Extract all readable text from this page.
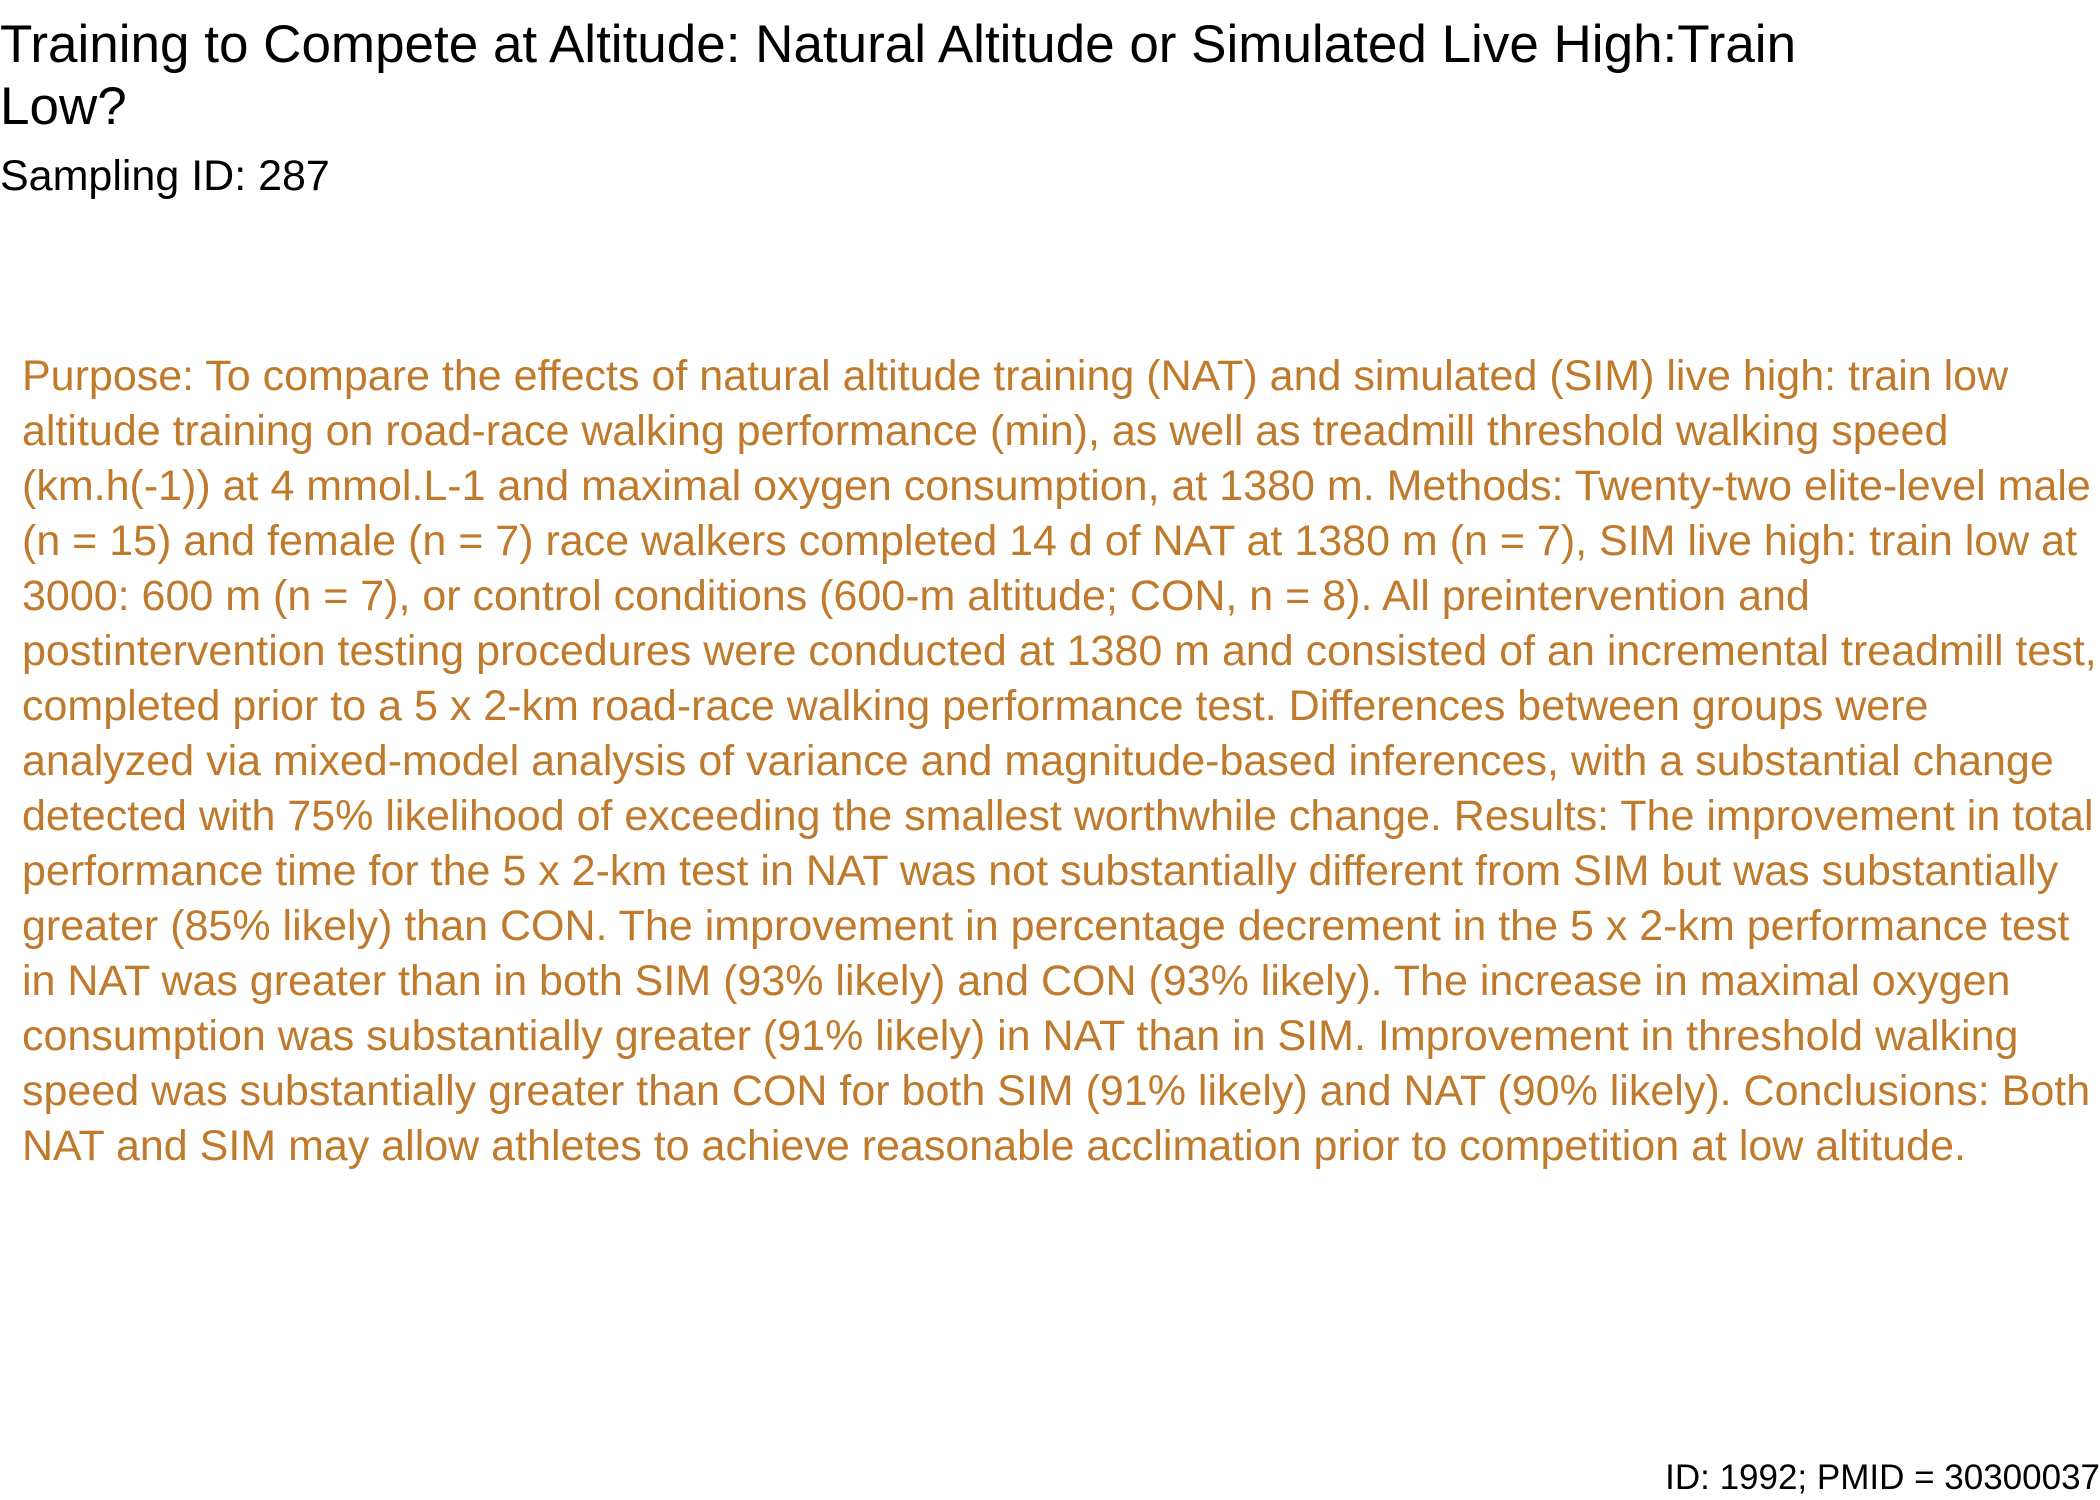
Training to Compete at Altitude: Natural Altitude or Simulated Live High:Train Low?
Sampling ID: 287

Purpose: To compare the effects of natural altitude training (NAT) and simulated (SIM) live high: train low altitude training on road-race walking performance (min), as well as treadmill threshold walking speed (km.h(-1)) at 4 mmol.L-1 and maximal oxygen consumption, at 1380 m. Methods: Twenty-two elite-level male (n = 15) and female (n = 7) race walkers completed 14 d of NAT at 1380 m (n = 7), SIM live high: train low at 3000: 600 m (n = 7), or control conditions (600-m altitude; CON, n = 8). All preintervention and postintervention testing procedures were conducted at 1380 m and consisted of an incremental treadmill test, completed prior to a 5 x 2-km road-race walking performance test. Differences between groups were analyzed via mixed-model analysis of variance and magnitude-based inferences, with a substantial change detected with 75% likelihood of exceeding the smallest worthwhile change. Results: The improvement in total performance time for the 5 x 2-km test in NAT was not substantially different from SIM but was substantially greater (85% likely) than CON. The improvement in percentage decrement in the 5 x 2-km performance test in NAT was greater than in both SIM (93% likely) and CON (93% likely). The increase in maximal oxygen consumption was substantially greater (91% likely) in NAT than in SIM. Improvement in threshold walking speed was substantially greater than CON for both SIM (91% likely) and NAT (90% likely). Conclusions: Both NAT and SIM may allow athletes to achieve reasonable acclimation prior to competition at low altitude.

ID: 1992; PMID = 30300037
